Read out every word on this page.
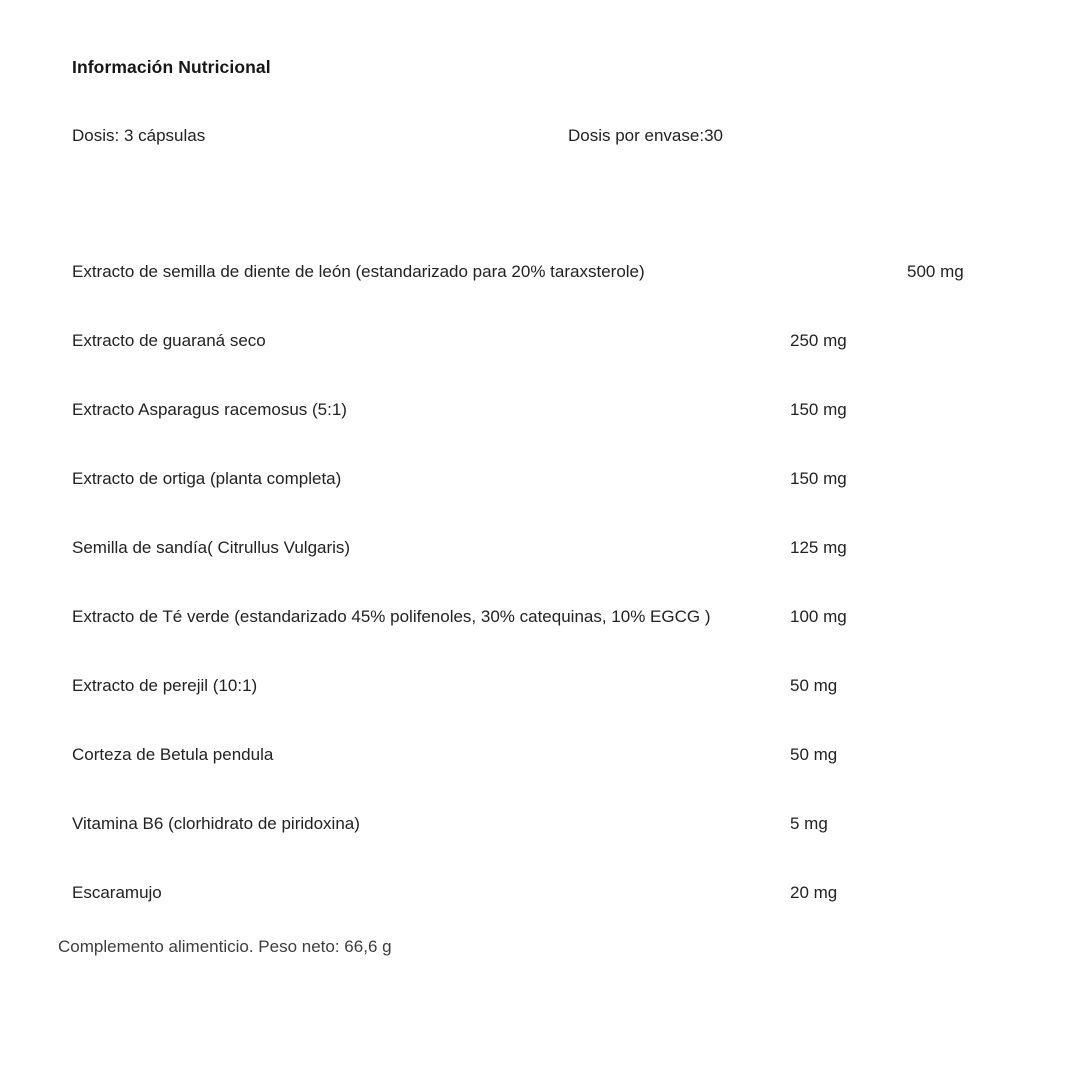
Información Nutricional
Dosis: 3 cápsulas	Dosis por envase:30
Extracto de semilla de diente de león (estandarizado para 20% taraxsterole)	500 mg
Extracto de guaraná seco	250 mg
Extracto Asparagus racemosus (5:1)	150 mg
Extracto de ortiga (planta completa)	150 mg
Semilla de sandía( Citrullus Vulgaris)	125 mg
Extracto de Té verde (estandarizado 45% polifenoles, 30% catequinas, 10% EGCG )	100 mg
Extracto de perejil (10:1)	50 mg
Corteza de Betula pendula	50 mg
Vitamina B6 (clorhidrato de piridoxina)	5 mg
Escaramujo	20 mg
Complemento alimenticio. Peso neto: 66,6 g
